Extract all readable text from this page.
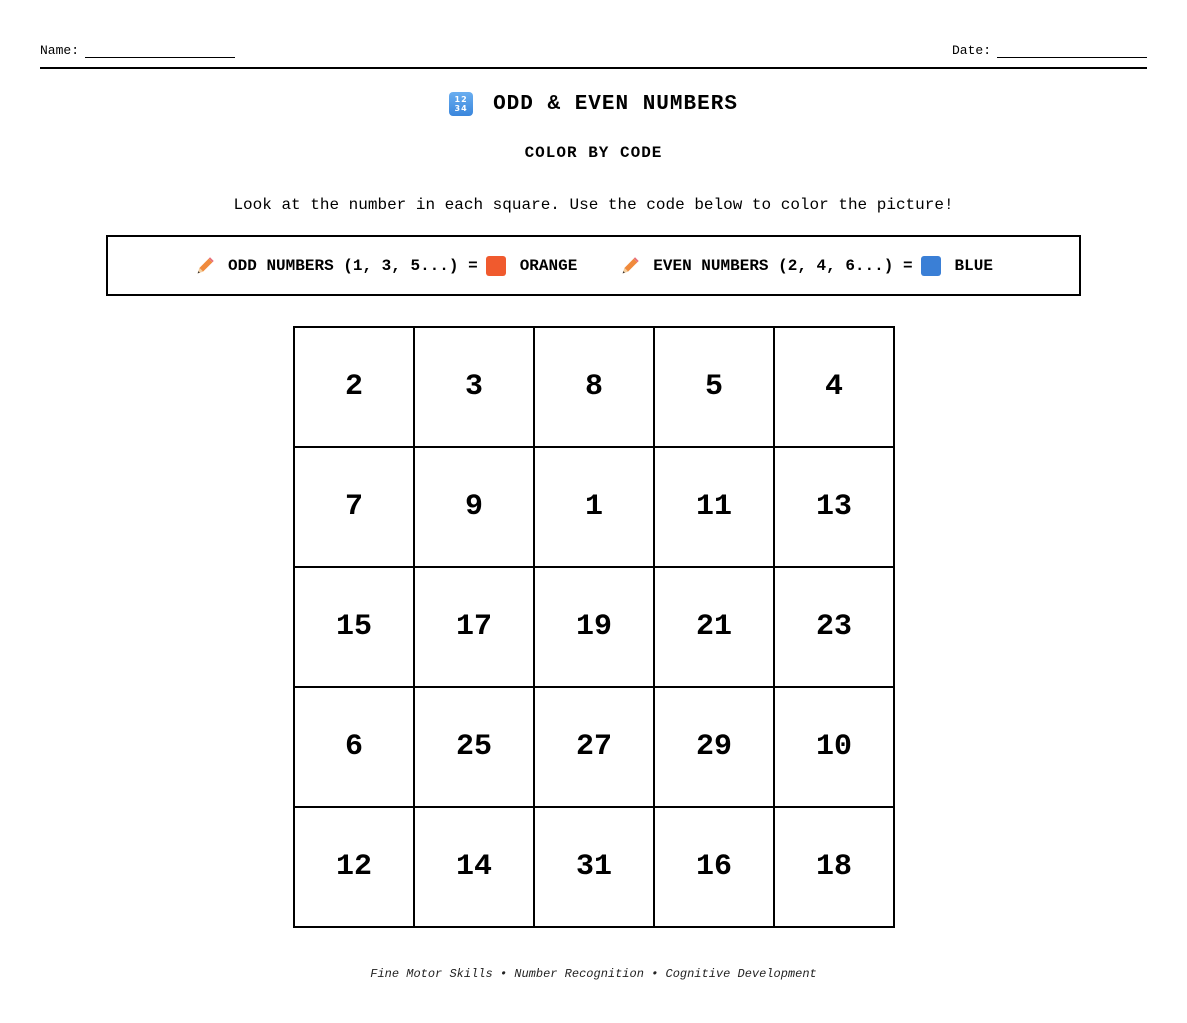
Name:	Date:
12
34 ODD & EVEN NUMBERS
COLOR BY CODE
Look at the number in each square. Use the code below to color the picture!
ODD NUMBERS (1, 3, 5...) =	ORANGE	EVEN NUMBERS (2, 4, 6...) =	BLUE
2	3	8	5	4
7	9	1	11	13
15	17	19	21	23
6	25	27	29	10
12	14	31	16	18
Fine Motor Skills • Number Recognition • Cognitive Development
